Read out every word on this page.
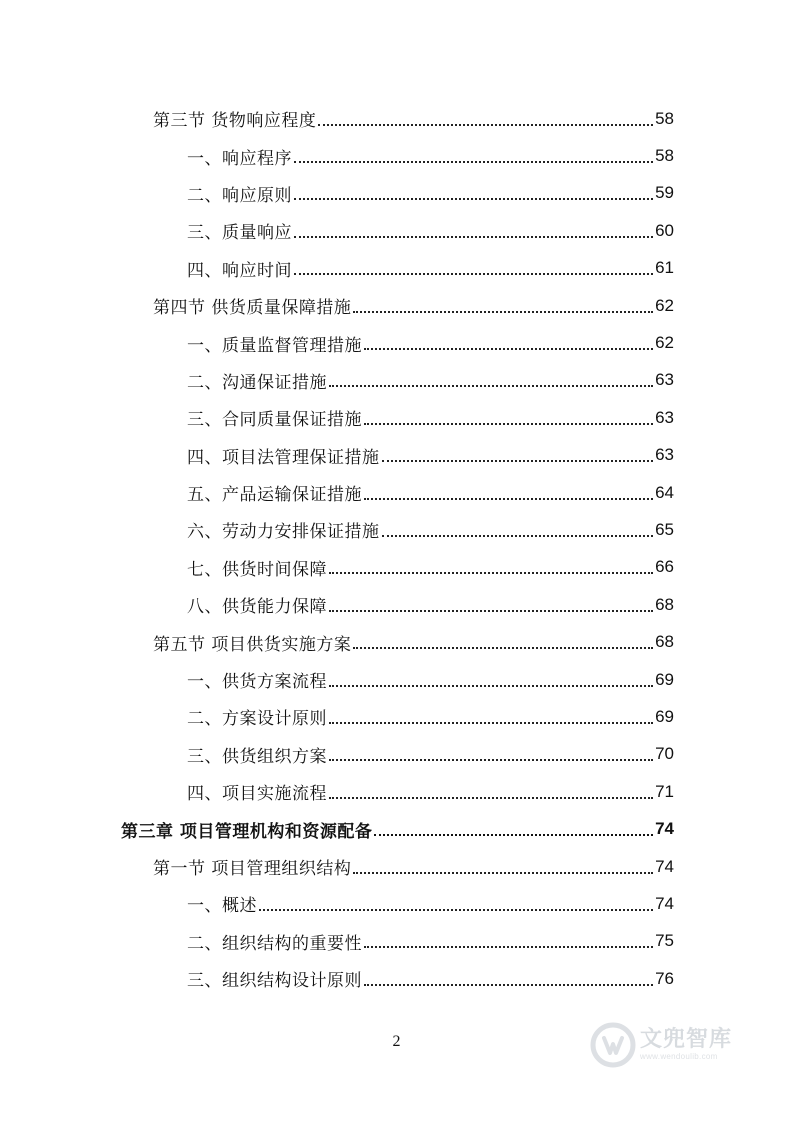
第三节 货物响应程度	58
一、响应程序	58
二、响应原则	59
三、质量响应	60
四、响应时间	61
第四节 供货质量保障措施	62
一、质量监督管理措施	62
二、沟通保证措施	63
三、合同质量保证措施	63
四、项目法管理保证措施	63
五、产品运输保证措施	64
六、劳动力安排保证措施	65
七、供货时间保障	66
八、供货能力保障	68
第五节 项目供货实施方案	68
一、供货方案流程	69
二、方案设计原则	69
三、供货组织方案	70
四、项目实施流程	71
第三章 项目管理机构和资源配备	74
第一节 项目管理组织结构	74
一、概述	74
二、组织结构的重要性	75
三、组织结构设计原则	76
2	文兜智库
www.wendoulib.com
